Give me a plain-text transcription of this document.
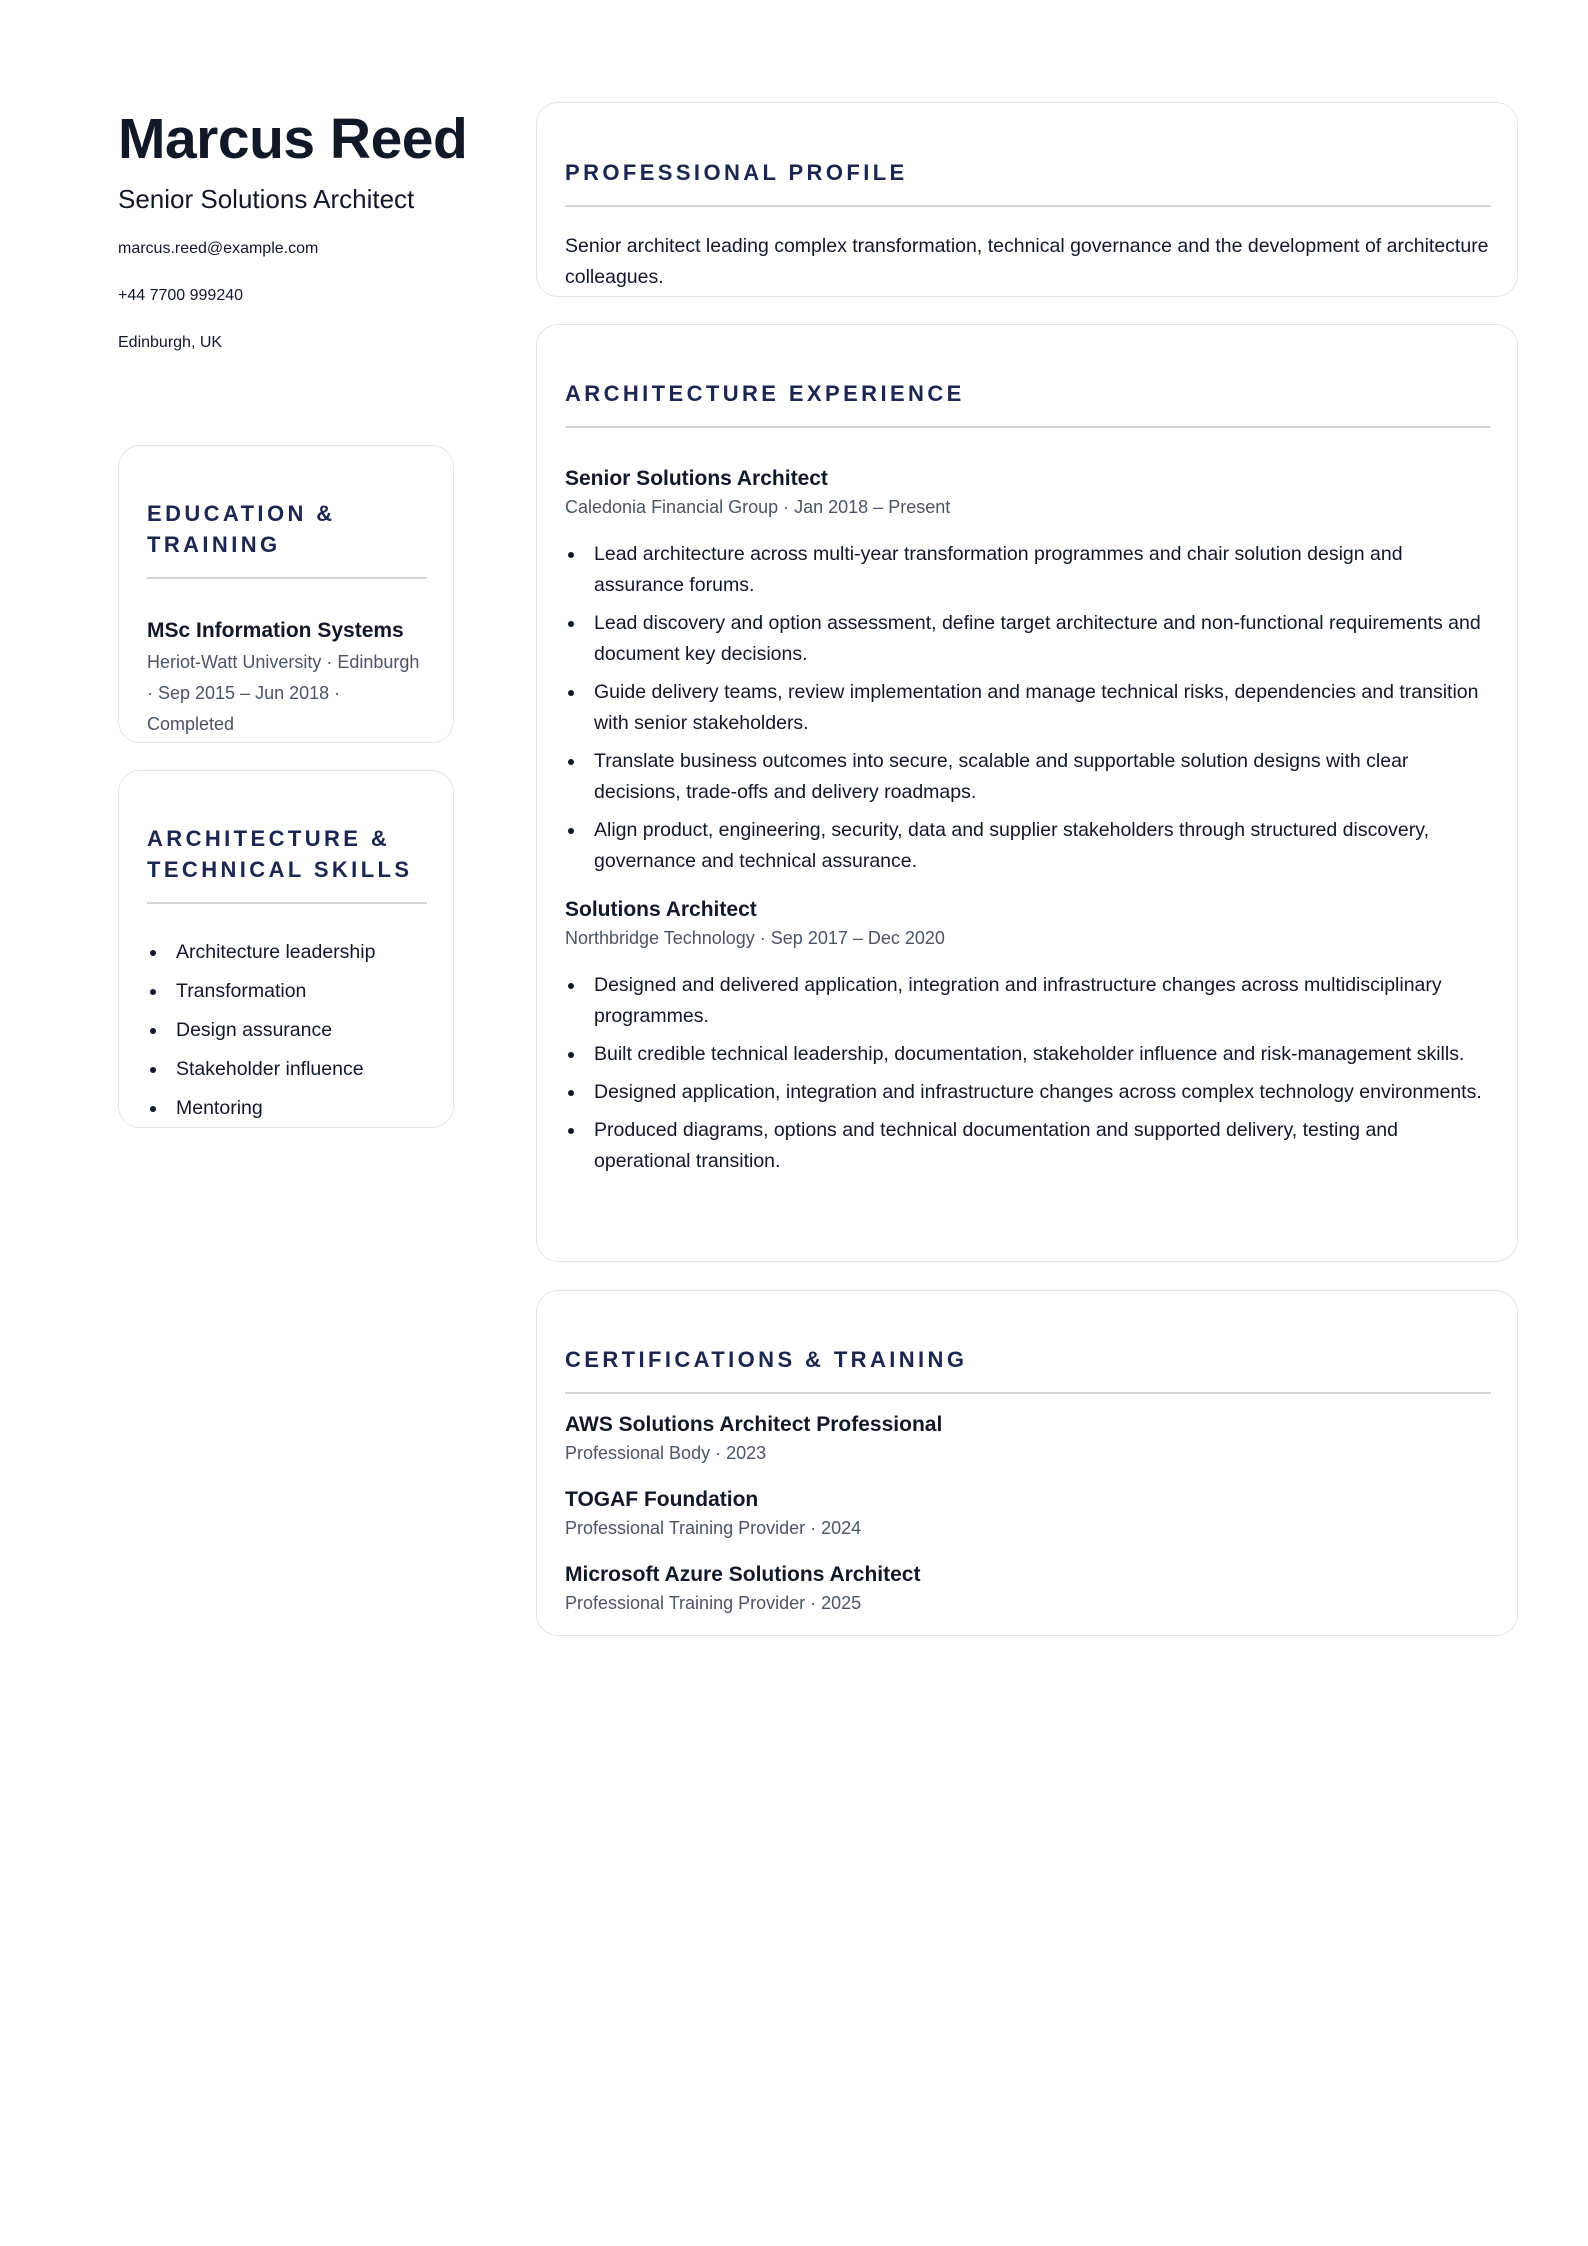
Marcus Reed
Senior Solutions Architect
marcus.reed@example.com
+44 7700 999240
Edinburgh, UK
EDUCATION & TRAINING
MSc Information Systems
Heriot-Watt University · Edinburgh · Sep 2015 – Jun 2018 · Completed
ARCHITECTURE & TECHNICAL SKILLS
Architecture leadership
Transformation
Design assurance
Stakeholder influence
Mentoring
PROFESSIONAL PROFILE

Senior architect leading complex transformation, technical governance and the development of architecture colleagues.

ARCHITECTURE EXPERIENCE
Senior Solutions Architect
Caledonia Financial Group · Jan 2018 – Present
Lead architecture across multi-year transformation programmes and chair solution design and assurance forums.
Lead discovery and option assessment, define target architecture and non-functional requirements and document key decisions.
Guide delivery teams, review implementation and manage technical risks, dependencies and transition with senior stakeholders.
Translate business outcomes into secure, scalable and supportable solution designs with clear decisions, trade-offs and delivery roadmaps.
Align product, engineering, security, data and supplier stakeholders through structured discovery, governance and technical assurance.
Solutions Architect
Northbridge Technology · Sep 2017 – Dec 2020
Designed and delivered application, integration and infrastructure changes across multidisciplinary programmes.
Built credible technical leadership, documentation, stakeholder influence and risk-management skills.
Designed application, integration and infrastructure changes across complex technology environments.
Produced diagrams, options and technical documentation and supported delivery, testing and operational transition.
CERTIFICATIONS & TRAINING
AWS Solutions Architect Professional
Professional Body · 2023
TOGAF Foundation
Professional Training Provider · 2024
Microsoft Azure Solutions Architect
Professional Training Provider · 2025
